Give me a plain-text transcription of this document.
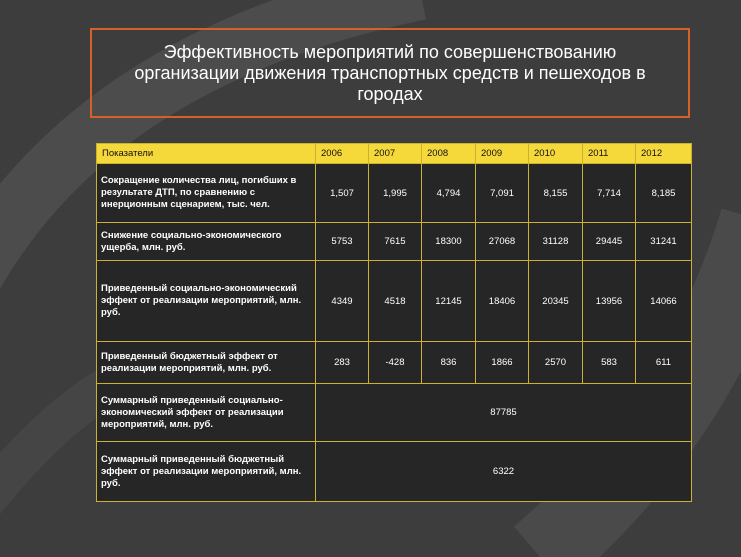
Эффективность мероприятий по совершенствованию организации движения транспортных средств и пешеходов в городах
Показатели	2006	2007	2008	2009	2010	2011	2012
Сокращение количества лиц, погибших в результате ДТП, по сравнению с инерционным сценарием, тыс. чел.	1,507	1,995	4,794	7,091	8,155	7,714	8,185
Снижение социально-экономического ущерба, млн. руб.	5753	7615	18300	27068	31128	29445	31241
Приведенный социально-экономический эффект от реализации мероприятий, млн. руб.	4349	4518	12145	18406	20345	13956	14066
Приведенный бюджетный эффект от реализации мероприятий, млн. руб.	283	-428	836	1866	2570	583	611
Суммарный приведенный социально-экономический эффект от реализации мероприятий, млн. руб.	87785						
Суммарный приведенный бюджетный эффект от реализации мероприятий, млн. руб.	6322						
